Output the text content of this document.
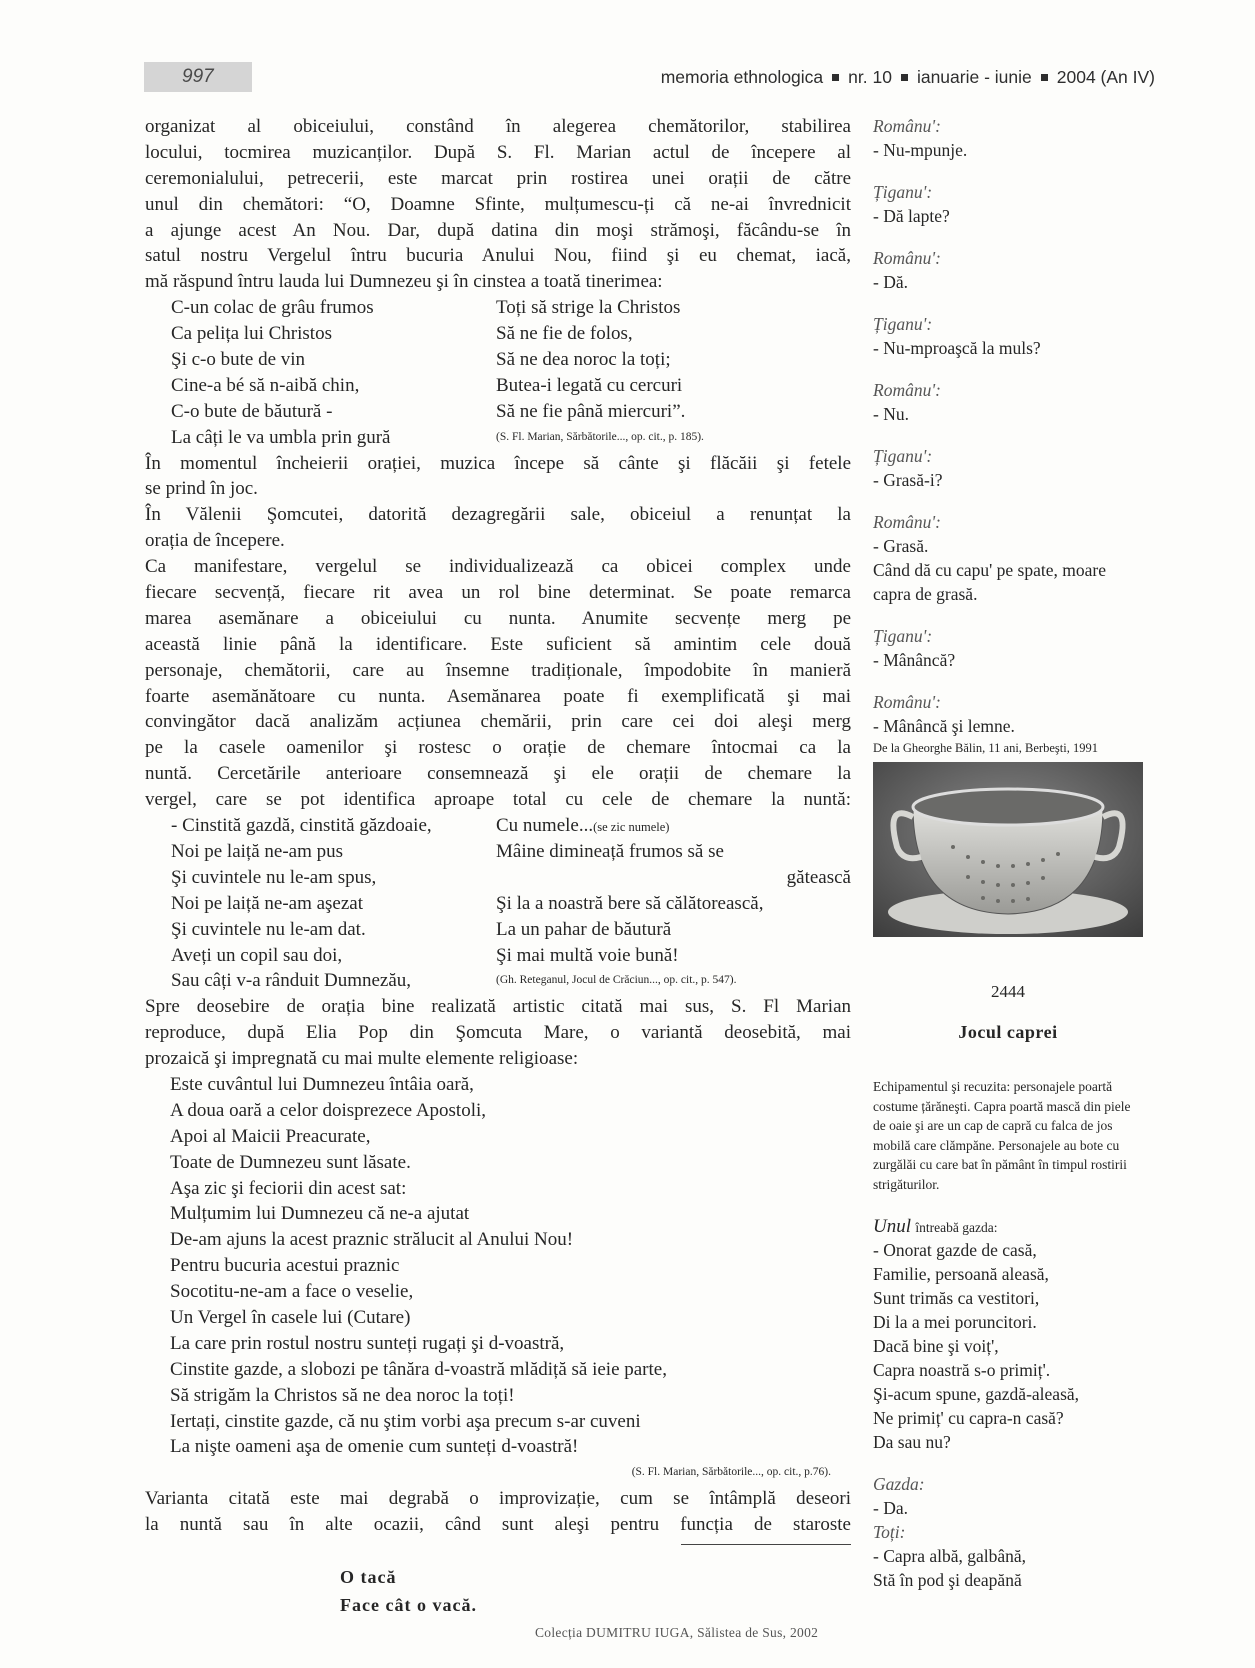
997	memoria ethnologica nr. 10 ianuarie - iunie 2004 (An IV)
organizat al obiceiului, constând în alegerea chemătorilor, stabilirea
locului, tocmirea muzicanților. După S. Fl. Marian actul de începere al
ceremonialului, petrecerii, este marcat prin rostirea unei orații de către
unul din chemători: “O, Doamne Sfinte, mulțumescu-ți că ne-ai învrednicit
a ajunge acest An Nou. Dar, după datina din moşi strămoşi, făcându-se în
satul nostru Vergelul întru bucuria Anului Nou, fiind şi eu chemat, iacă,
mă răspund întru lauda lui Dumnezeu şi în cinstea a toată tinerimea:
C-un colac de grâu frumos	Toți să strige la Christos
Ca pelița lui Christos	Să ne fie de folos,
Şi c-o bute de vin	Să ne dea noroc la toți;
Cine-a bé să n-aibă chin,	Butea-i legată cu cercuri
C-o bute de băutură -	Să ne fie până miercuri”.
La câți le va umbla prin gură	(S. Fl. Marian, Sărbătorile..., op. cit., p. 185).
În momentul încheierii orației, muzica începe să cânte şi flăcăii şi fetele
se prind în joc.
În Vălenii Şomcutei, datorită dezagregării sale, obiceiul a renunțat la
orația de începere.
Ca manifestare, vergelul se individualizează ca obicei complex unde
fiecare secvență, fiecare rit avea un rol bine determinat. Se poate remarca
marea asemănare a obiceiului cu nunta. Anumite secvențe merg pe
această linie până la identificare. Este suficient să amintim cele două
personaje, chemătorii, care au însemne tradiționale, împodobite în manieră
foarte asemănătoare cu nunta. Asemănarea poate fi exemplificată şi mai
convingător dacă analizăm acțiunea chemării, prin care cei doi aleşi merg
pe la casele oamenilor şi rostesc o orație de chemare întocmai ca la
nuntă. Cercetările anterioare consemnează şi ele orații de chemare la
vergel, care se pot identifica aproape total cu cele de chemare la nuntă:
- Cinstită gazdă, cinstită găzdoaie,	Cu numele...(se zic numele)
Noi pe laiță ne-am pus	Mâine dimineață frumos să se
Şi cuvintele nu le-am spus,	gătească
Noi pe laiță ne-am aşezat	Şi la a noastră bere să călătorească,
Şi cuvintele nu le-am dat.	La un pahar de băutură
Aveți un copil sau doi,	Şi mai multă voie bună!
Sau câți v-a rânduit Dumnezău,	(Gh. Reteganul, Jocul de Crăciun..., op. cit., p. 547).
Spre deosebire de orația bine realizată artistic citată mai sus, S. Fl Marian
reproduce, după Elia Pop din Şomcuta Mare, o variantă deosebită, mai
prozaică şi impregnată cu mai multe elemente religioase:
Este cuvântul lui Dumnezeu întâia oară,
A doua oară a celor doisprezece Apostoli,
Apoi al Maicii Preacurate,
Toate de Dumnezeu sunt lăsate.
Aşa zic şi feciorii din acest sat:
Mulțumim lui Dumnezeu că ne-a ajutat
De-am ajuns la acest praznic strălucit al Anului Nou!
Pentru bucuria acestui praznic
Socotitu-ne-am a face o veselie,
Un Vergel în casele lui (Cutare)
La care prin rostul nostru sunteți rugați şi d-voastră,
Cinstite gazde, a slobozi pe tânăra d-voastră mlădiță să ieie parte,
Să strigăm la Christos să ne dea noroc la toți!
Iertați, cinstite gazde, că nu ştim vorbi aşa precum s-ar cuveni
La nişte oameni aşa de omenie cum sunteți d-voastră!
(S. Fl. Marian, Sărbătorile..., op. cit., p.76).
Varianta citată este mai degrabă o improvizație, cum se întâmplă deseori
la nuntă sau în alte ocazii, când sunt aleşi pentru funcția de staroste
O tacă
Face cât o vacă.
Colecția DUMITRU IUGA, Sălistea de Sus, 2002
Românu':
- Nu-mpunje.
Țiganu':
- Dă lapte?
Românu':
- Dă.
Țiganu':
- Nu-mproaşcă la muls?
Românu':
- Nu.
Țiganu':
- Grasă-i?
Românu':
- Grasă.
Când dă cu capu' pe spate, moare
capra de grasă.
Țiganu':
- Mânâncă?
Românu':
- Mânâncă şi lemne.
De la Gheorghe Bălin, 11 ani, Berbeşti, 1991
2444
Jocul caprei
Echipamentul şi recuzita: personajele poartă costume țărăneşti. Capra poartă mască din piele de oaie şi are un cap de capră cu falca de jos mobilă care clămpăne. Personajele au bote cu zurgălăi cu care bat în pământ în timpul rostirii strigăturilor.
Unul întreabă gazda:
- Onorat gazde de casă,
Familie, persoană aleasă,
Sunt trimăs ca vestitori,
Di la a mei poruncitori.
Dacă bine şi voiț',
Capra noastră s-o primiț'.
Şi-acum spune, gazdă-aleasă,
Ne primiț' cu capra-n casă?
Da sau nu?
Gazda:
- Da.
Toți:
- Capra albă, galbână,
Stă în pod şi deapănă
